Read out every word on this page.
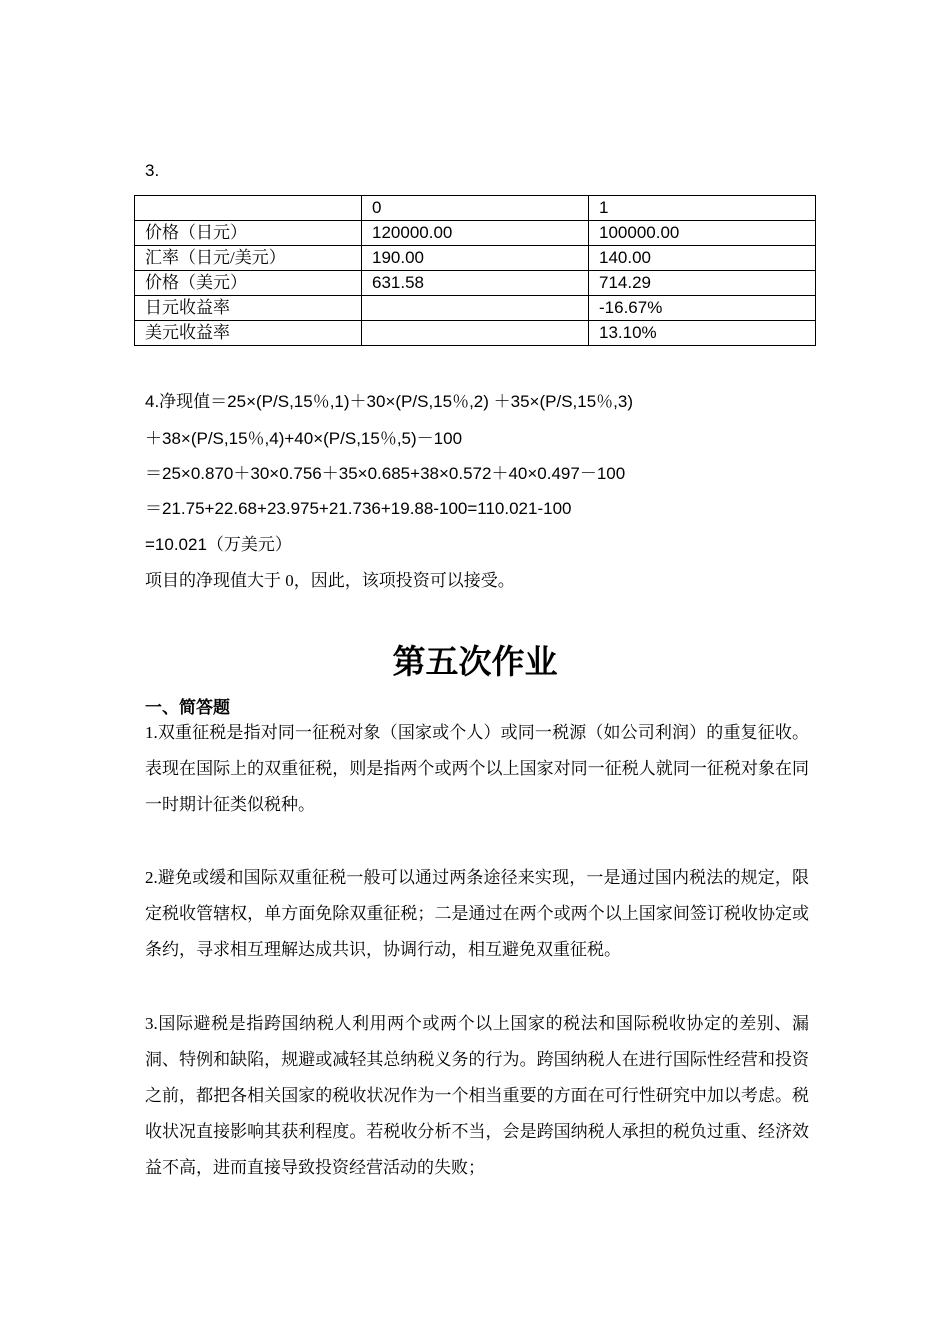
3.
	0	1
价格（日元）	120000.00	100000.00
汇率（日元/美元）	190.00	140.00
价格（美元）	631.58	714.29
日元收益率		-16.67%
美元收益率		13.10%
4.净现值＝25×(P/S,15％,1)＋30×(P/S,15％,2) ＋35×(P/S,15％,3)
＋38×(P/S,15％,4)+40×(P/S,15％,5)－100
＝25×0.870＋30×0.756＋35×0.685+38×0.572＋40×0.497－100
＝21.75+22.68+23.975+21.736+19.88-100=110.021-100
=10.021（万美元）
项目的净现值大于 0，因此，该项投资可以接受。
第五次作业
一、简答题
1.双重征税是指对同一征税对象（国家或个人）或同一税源（如公司利润）的重复征收。表现在国际上的双重征税，则是指两个或两个以上国家对同一征税人就同一征税对象在同一时期计征类似税种。
2.避免或缓和国际双重征税一般可以通过两条途径来实现，一是通过国内税法的规定，限定税收管辖权，单方面免除双重征税；二是通过在两个或两个以上国家间签订税收协定或条约，寻求相互理解达成共识，协调行动，相互避免双重征税。
3.国际避税是指跨国纳税人利用两个或两个以上国家的税法和国际税收协定的差别、漏洞、特例和缺陷，规避或减轻其总纳税义务的行为。跨国纳税人在进行国际性经营和投资之前，都把各相关国家的税收状况作为一个相当重要的方面在可行性研究中加以考虑。税收状况直接影响其获利程度。若税收分析不当，会是跨国纳税人承担的税负过重、经济效益不高，进而直接导致投资经营活动的失败；
